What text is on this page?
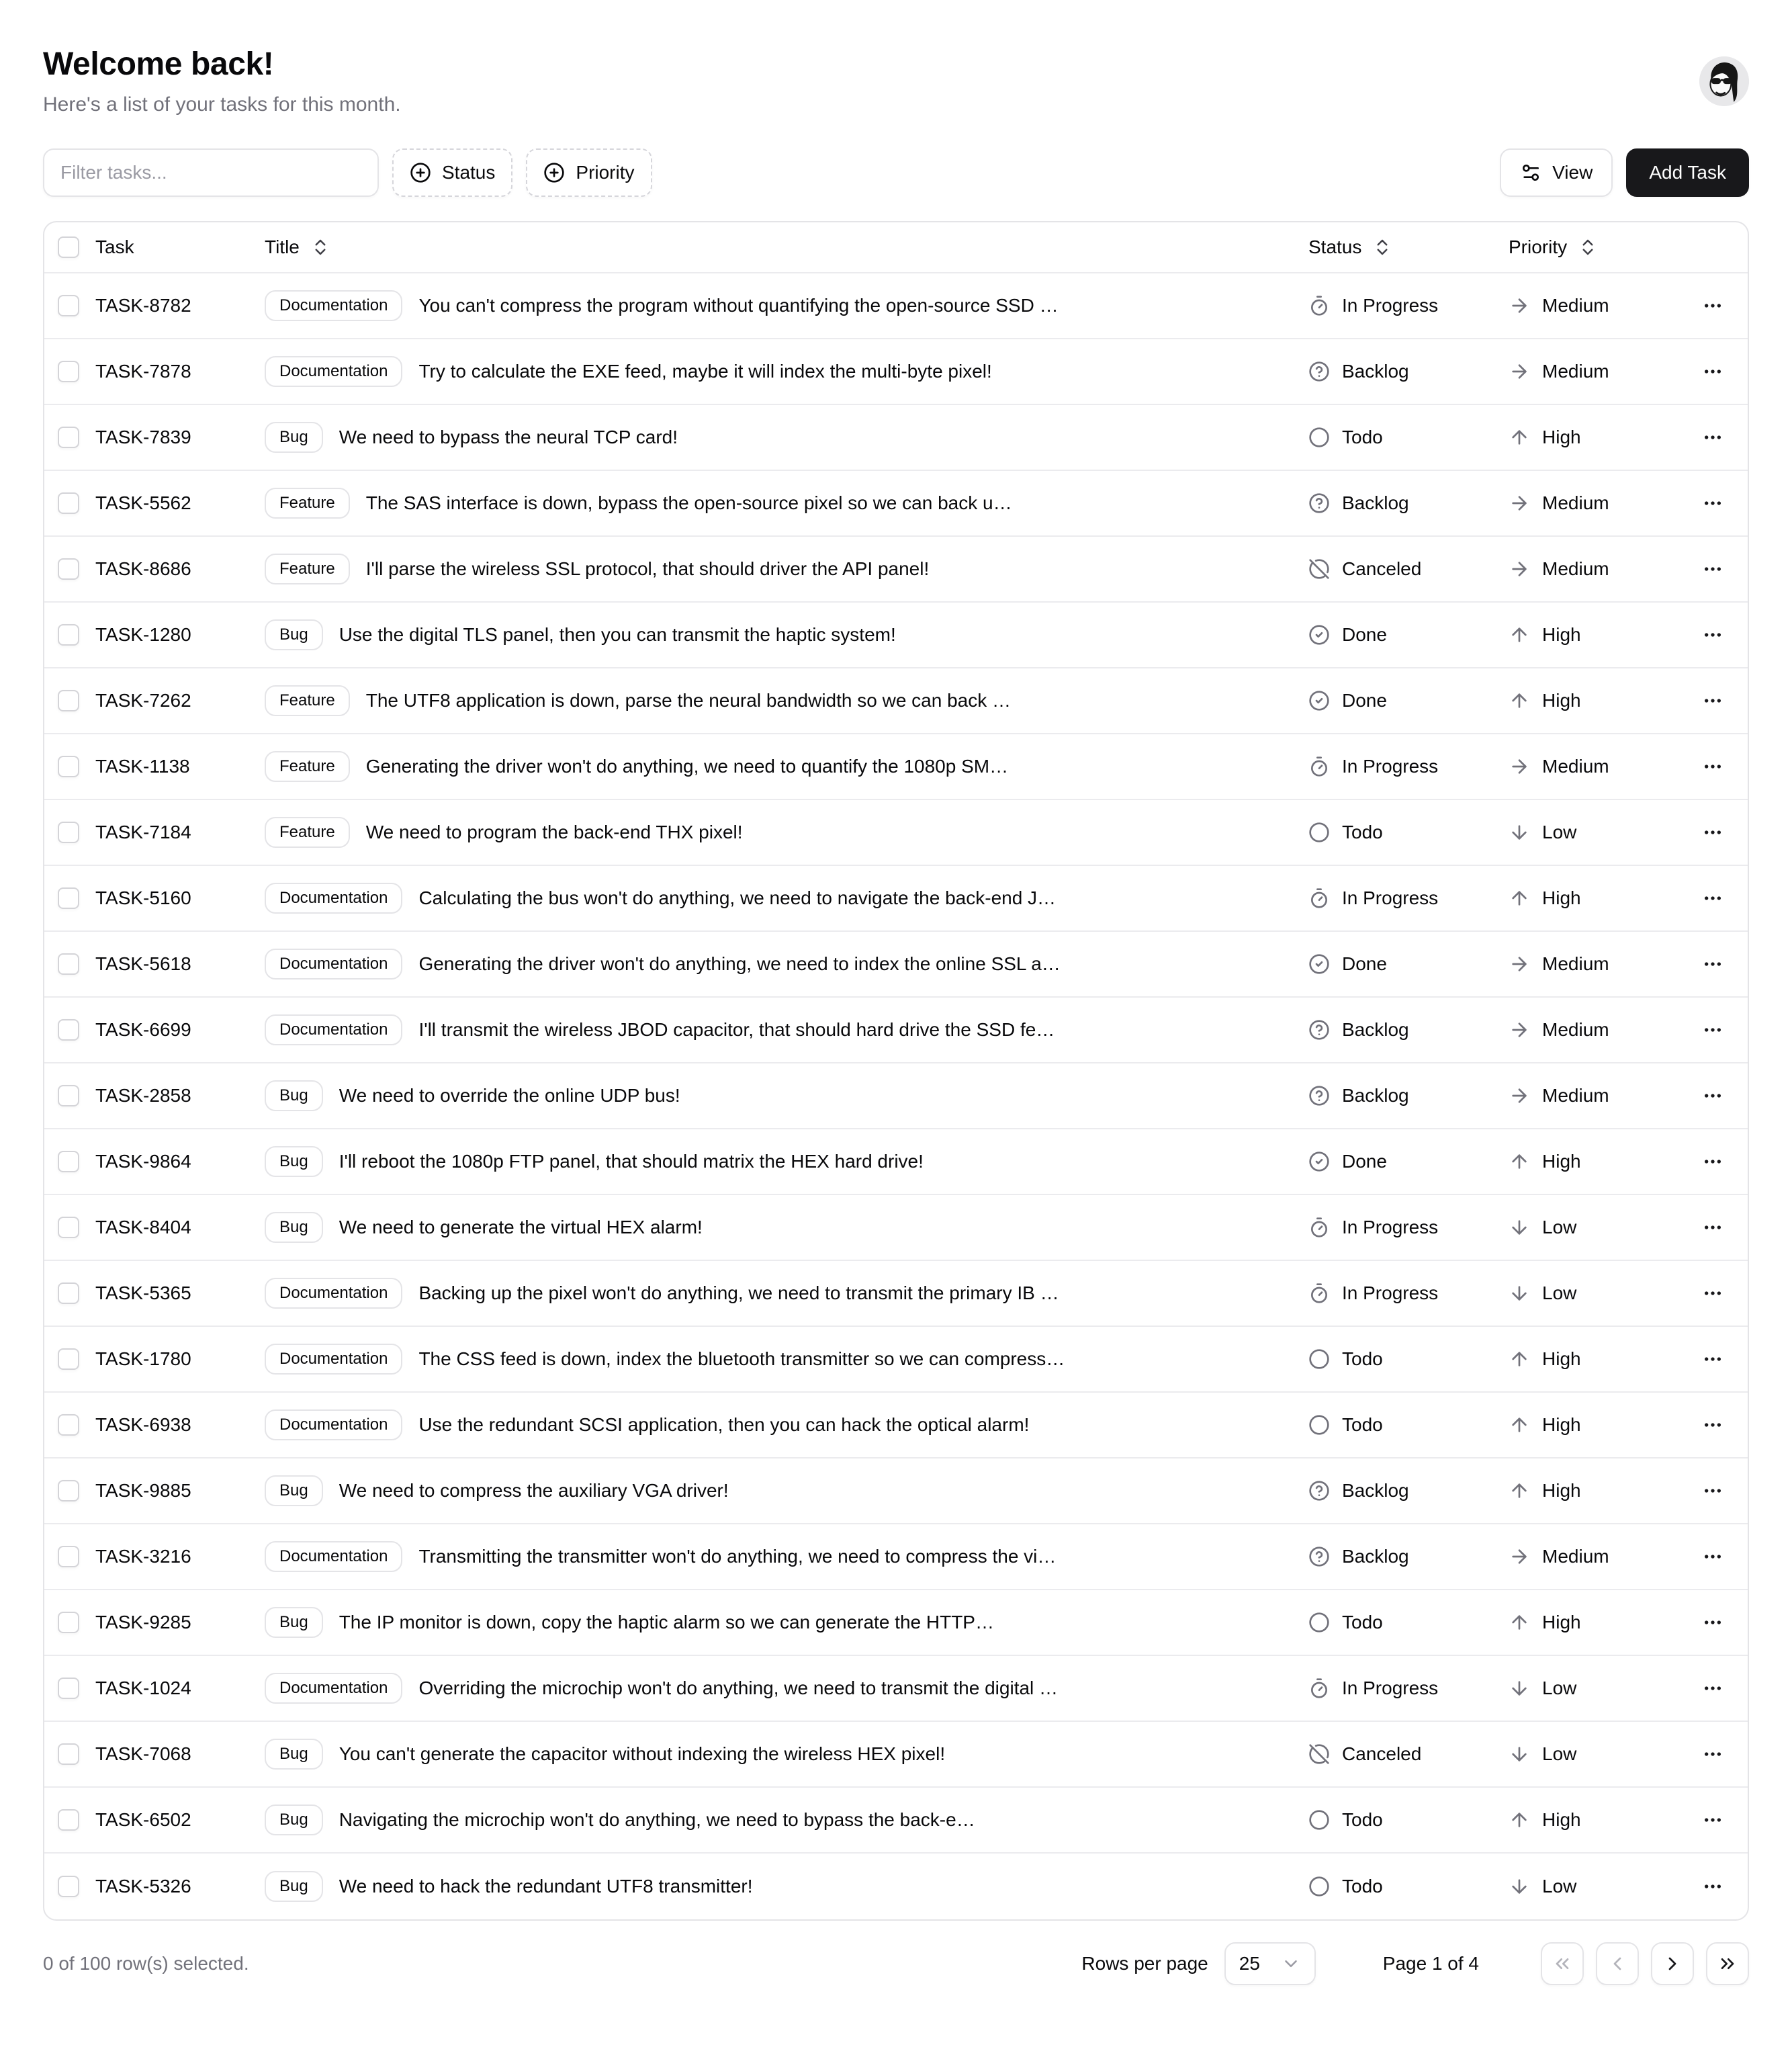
Welcome back!

Here's a list of your tasks for this month.

Filter tasks...
Status	Priority	View	Add Task
Task	Title	Status	Priority
TASK-8782	Documentation	You can't compress the program without quantifying the open-source SSD …	In Progress	Medium
TASK-7878	Documentation	Try to calculate the EXE feed, maybe it will index the multi-byte pixel!	Backlog	Medium
TASK-7839	Bug	We need to bypass the neural TCP card!	Todo	High
TASK-5562	Feature	The SAS interface is down, bypass the open-source pixel so we can back u…	Backlog	Medium
TASK-8686	Feature	I'll parse the wireless SSL protocol, that should driver the API panel!	Canceled	Medium
TASK-1280	Bug	Use the digital TLS panel, then you can transmit the haptic system!	Done	High
TASK-7262	Feature	The UTF8 application is down, parse the neural bandwidth so we can back …	Done	High
TASK-1138	Feature	Generating the driver won't do anything, we need to quantify the 1080p SM…	In Progress	Medium
TASK-7184	Feature	We need to program the back-end THX pixel!	Todo	Low
TASK-5160	Documentation	Calculating the bus won't do anything, we need to navigate the back-end J…	In Progress	High
TASK-5618	Documentation	Generating the driver won't do anything, we need to index the online SSL a…	Done	Medium
TASK-6699	Documentation	I'll transmit the wireless JBOD capacitor, that should hard drive the SSD fe…	Backlog	Medium
TASK-2858	Bug	We need to override the online UDP bus!	Backlog	Medium
TASK-9864	Bug	I'll reboot the 1080p FTP panel, that should matrix the HEX hard drive!	Done	High
TASK-8404	Bug	We need to generate the virtual HEX alarm!	In Progress	Low
TASK-5365	Documentation	Backing up the pixel won't do anything, we need to transmit the primary IB …	In Progress	Low
TASK-1780	Documentation	The CSS feed is down, index the bluetooth transmitter so we can compress…	Todo	High
TASK-6938	Documentation	Use the redundant SCSI application, then you can hack the optical alarm!	Todo	High
TASK-9885	Bug	We need to compress the auxiliary VGA driver!	Backlog	High
TASK-3216	Documentation	Transmitting the transmitter won't do anything, we need to compress the vi…	Backlog	Medium
TASK-9285	Bug	The IP monitor is down, copy the haptic alarm so we can generate the HTTP…	Todo	High
TASK-1024	Documentation	Overriding the microchip won't do anything, we need to transmit the digital …	In Progress	Low
TASK-7068	Bug	You can't generate the capacitor without indexing the wireless HEX pixel!	Canceled	Low
TASK-6502	Bug	Navigating the microchip won't do anything, we need to bypass the back-e…	Todo	High
TASK-5326	Bug	We need to hack the redundant UTF8 transmitter!	Todo	Low
0 of 100 row(s) selected.	Rows per page	25	Page 1 of 4
